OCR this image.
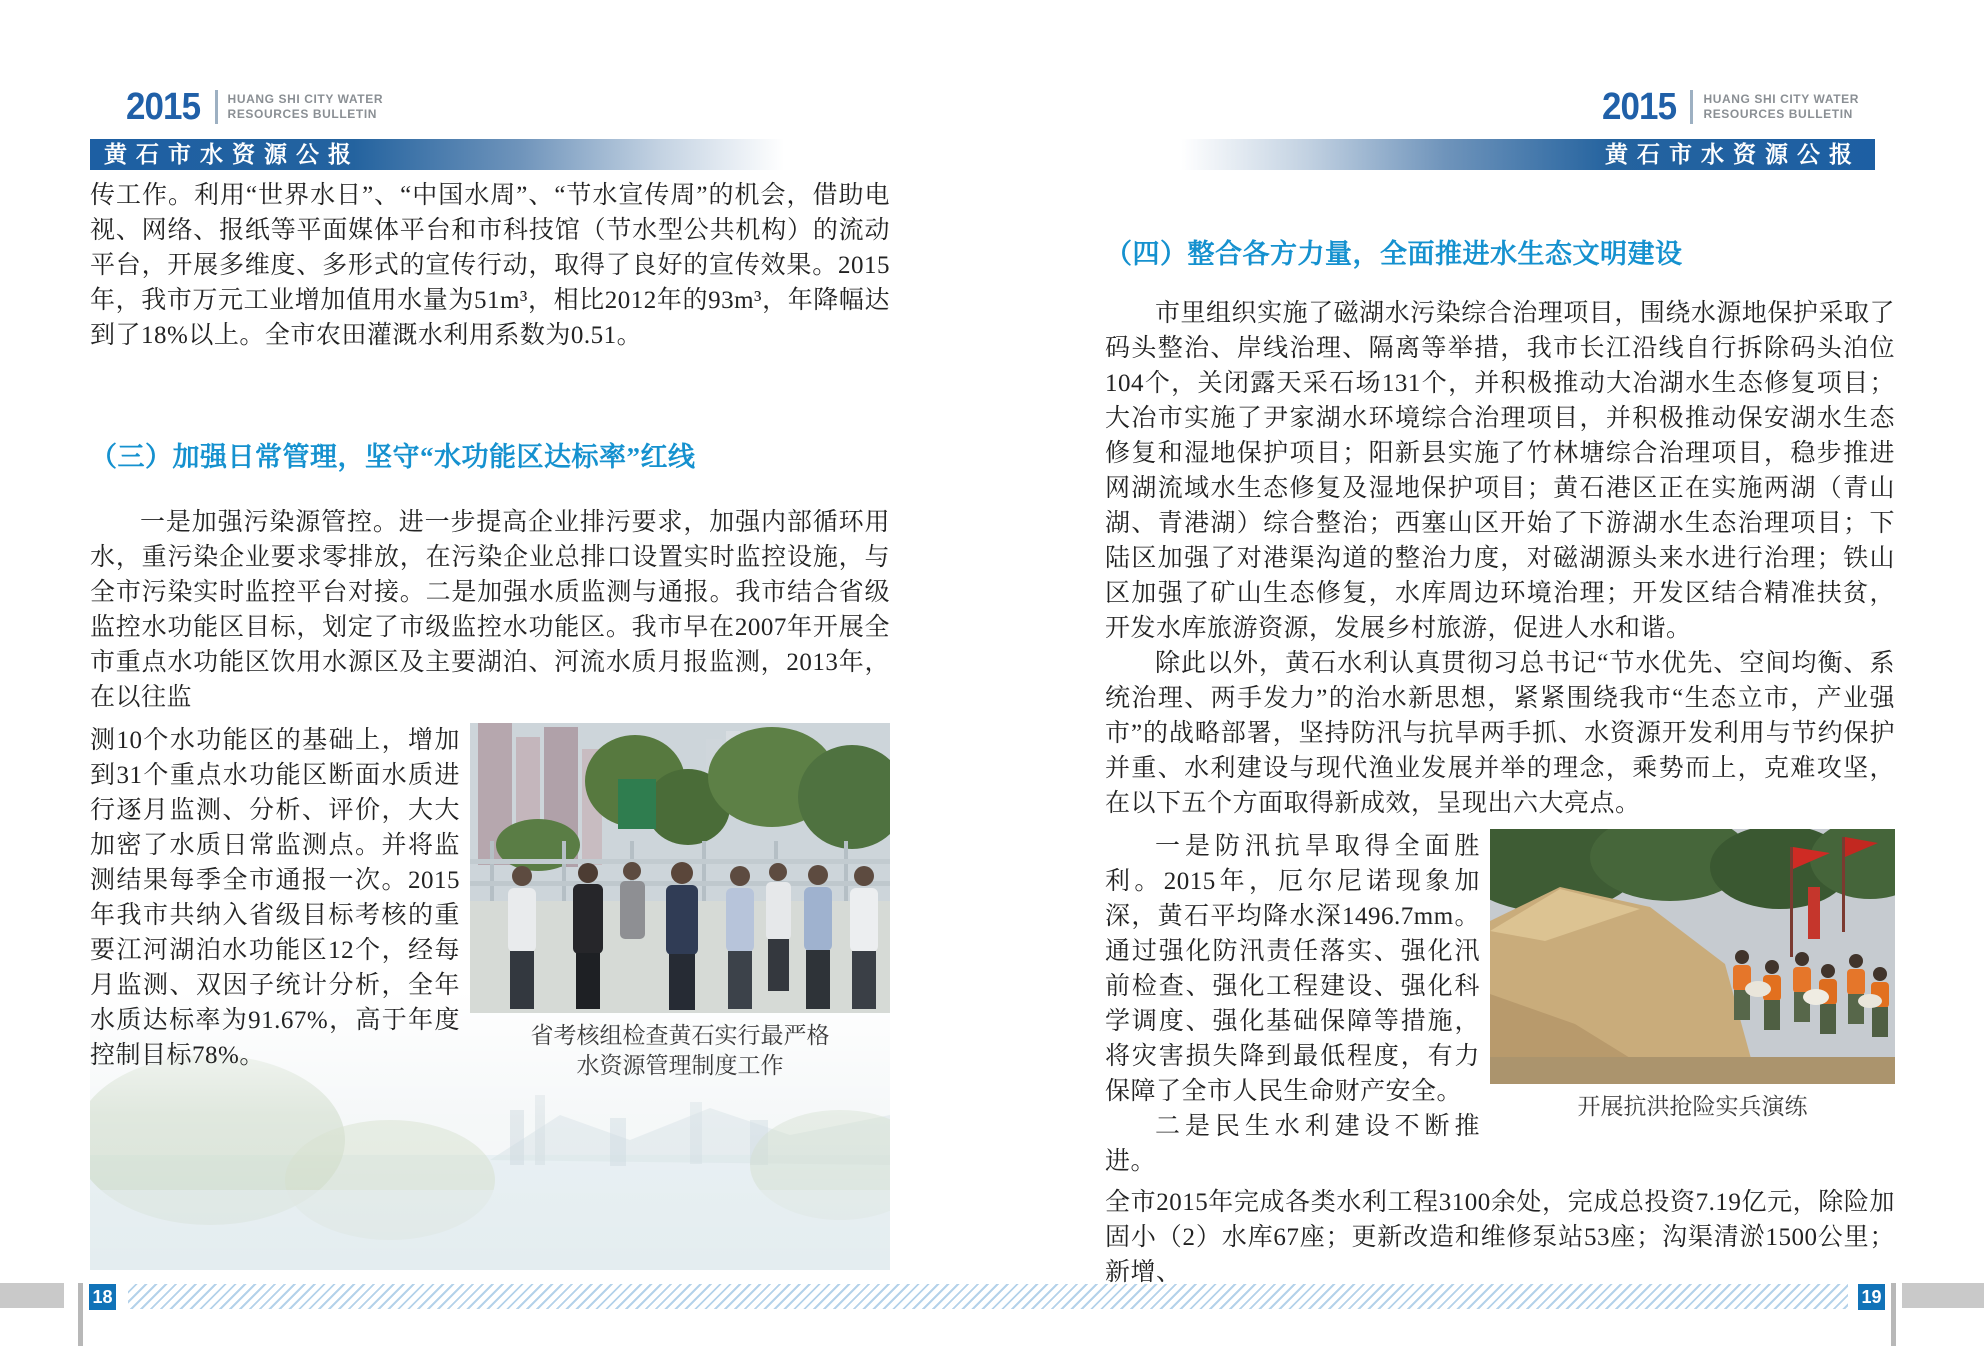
2015 HUANG SHI CITY WATER
RESOURCES BULLETIN
黄石市水资源公报

传工作。利用“世界水日”、“中国水周”、“节水宣传周”的机会，借助电视、网络、报纸等平面媒体平台和市科技馆（节水型公共机构）的流动平台，开展多维度、多形式的宣传行动，取得了良好的宣传效果。2015年，我市万元工业增加值用水量为51m³，相比2012年的93m³，年降幅达到了18%以上。全市农田灌溉水利用系数为0.51。

（三）加强日常管理，坚守“水功能区达标率”红线

一是加强污染源管控。进一步提高企业排污要求，加强内部循环用水，重污染企业要求零排放，在污染企业总排口设置实时监控设施，与全市污染实时监控平台对接。二是加强水质监测与通报。我市结合省级监控水功能区目标，划定了市级监控水功能区。我市早在2007年开展全市重点水功能区饮用水源区及主要湖泊、河流水质月报监测，2013年，在以往监

省考核组检查黄石实行最严格
水资源管理制度工作

测10个水功能区的基础上，增加到31个重点水功能区断面水质进行逐月监测、分析、评价，大大加密了水质日常监测点。并将监测结果每季全市通报一次。2015年我市共纳入省级目标考核的重要江河湖泊水功能区12个，经每月监测、双因子统计分析，全年水质达标率为91.67%，高于年度控制目标78%。

2015 HUANG SHI CITY WATER
RESOURCES BULLETIN
黄石市水资源公报
（四）整合各方力量，全面推进水生态文明建设

市里组织实施了磁湖水污染综合治理项目，围绕水源地保护采取了码头整治、岸线治理、隔离等举措，我市长江沿线自行拆除码头泊位104个，关闭露天采石场131个，并积极推动大冶湖水生态修复项目；大冶市实施了尹家湖水环境综合治理项目，并积极推动保安湖水生态修复和湿地保护项目；阳新县实施了竹林塘综合治理项目，稳步推进网湖流域水生态修复及湿地保护项目；黄石港区正在实施两湖（青山湖、青港湖）综合整治；西塞山区开始了下游湖水生态治理项目；下陆区加强了对港渠沟道的整治力度，对磁湖源头来水进行治理；铁山区加强了矿山生态修复，水库周边环境治理；开发区结合精准扶贫，开发水库旅游资源，发展乡村旅游，促进人水和谐。

除此以外，黄石水利认真贯彻习总书记“节水优先、空间均衡、系统治理、两手发力”的治水新思想，紧紧围绕我市“生态立市，产业强市”的战略部署，坚持防汛与抗旱两手抓、水资源开发利用与节约保护并重、水利建设与现代渔业发展并举的理念，乘势而上，克难攻坚，在以下五个方面取得新成效，呈现出六大亮点。

开展抗洪抢险实兵演练

一是防汛抗旱取得全面胜利。2015年，厄尔尼诺现象加深，黄石平均降水深1496.7mm。通过强化防汛责任落实、强化汛前检查、强化工程建设、强化科学调度、强化基础保障等措施，将灾害损失降到最低程度，有力保障了全市人民生命财产安全。

二是民生水利建设不断推进。

全市2015年完成各类水利工程3100余处，完成总投资7.19亿元，除险加固小（2）水库67座；更新改造和维修泵站53座；沟渠清淤1500公里；新增、

18	19
